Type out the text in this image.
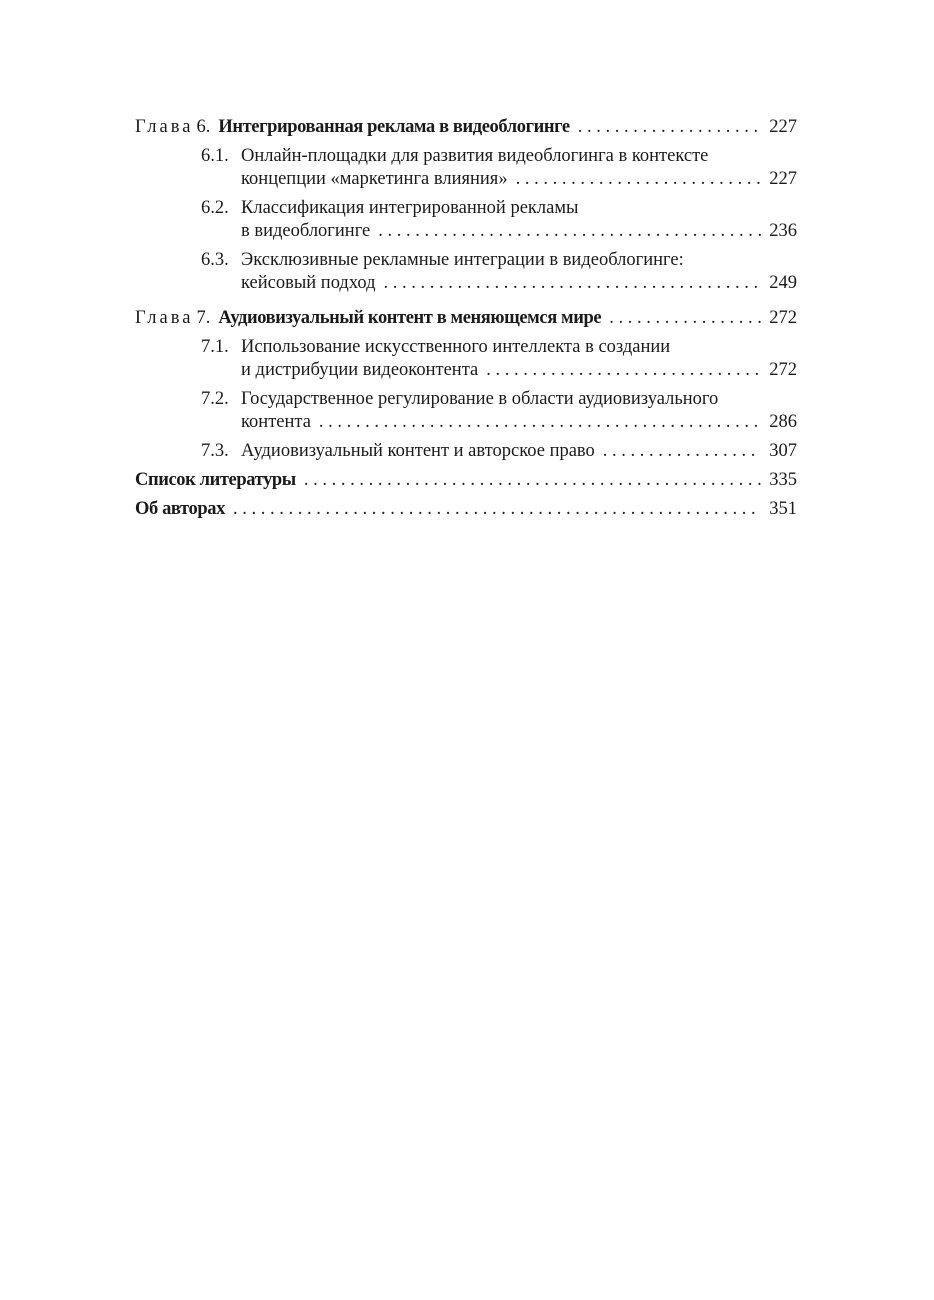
Глава 6. Интегрированная реклама в видеоблогинге . . .	227
6.1. Онлайн-площадки для развития видеоблогинга в контексте
концепции «маркетинга влияния» . . .	227
6.2. Классификация интегрированной рекламы
в видеоблогинге . . .	236
6.3. Эксклюзивные рекламные интеграции в видеоблогинге:
кейсовый подход . . .	249
Глава 7. Аудиовизуальный контент в меняющемся мире . . .	272
7.1. Использование искусственного интеллекта в создании
и дистрибуции видеоконтента . . .	272
7.2. Государственное регулирование в области аудиовизуального
контента . . .	286
7.3. Аудиовизуальный контент и авторское право . . .	307
Список литературы . . .	335
Об авторах . . .	351
